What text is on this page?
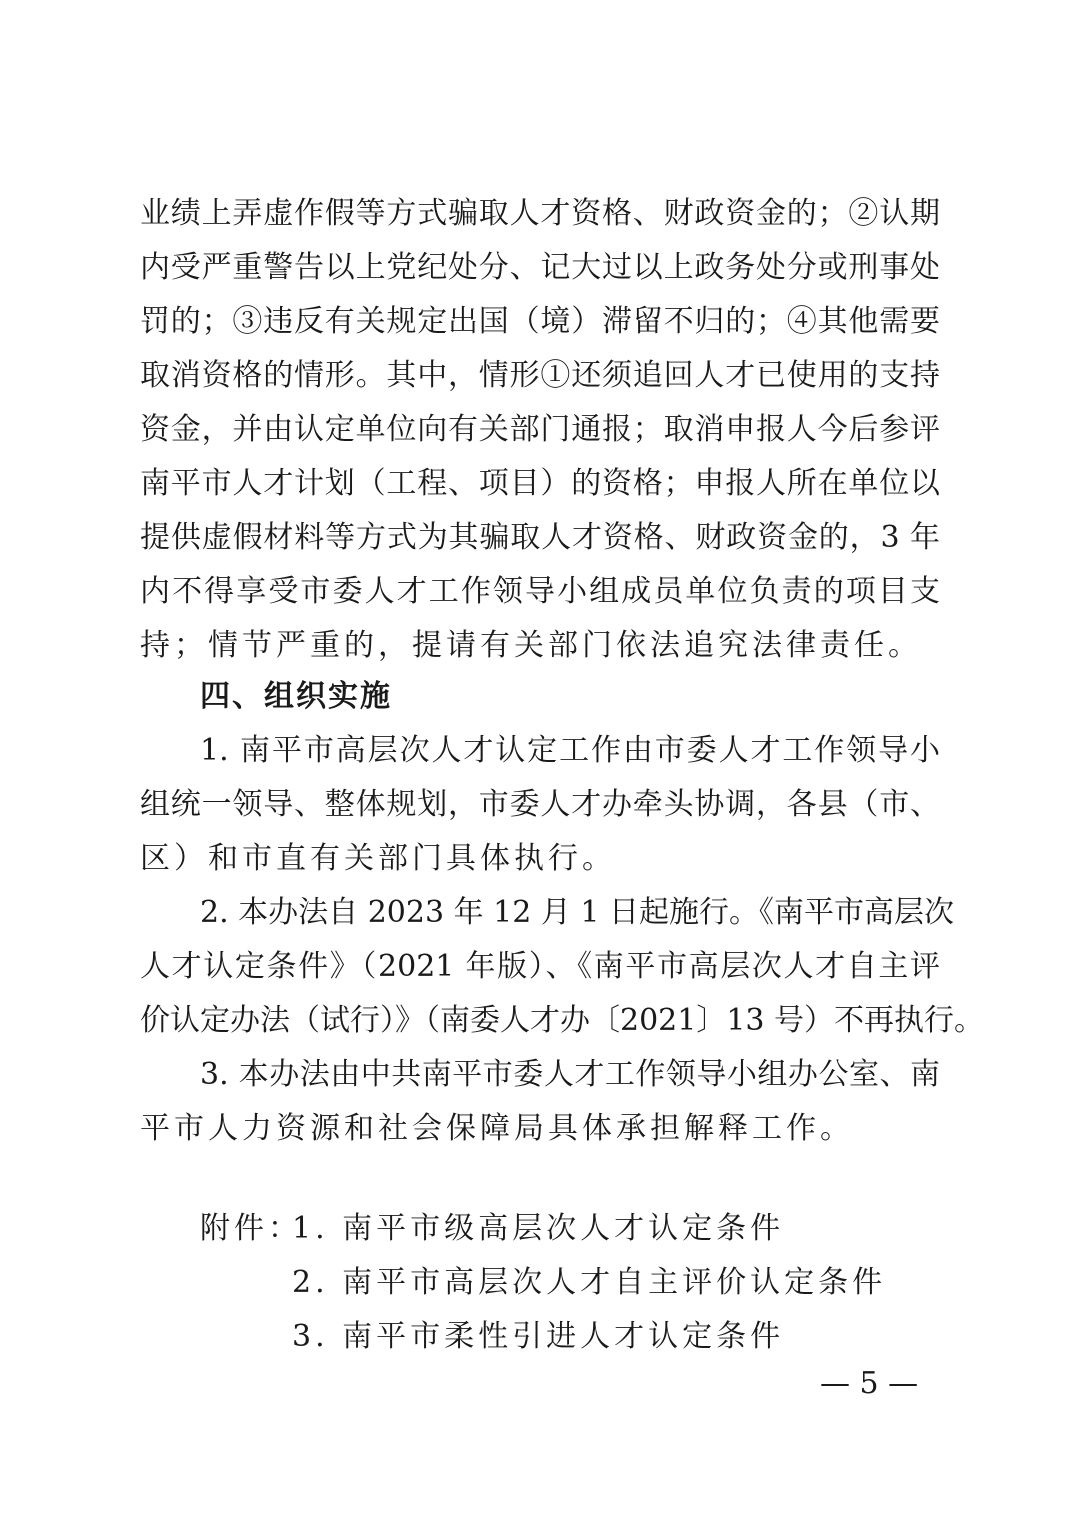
业绩上弄虚作假等方式骗取人才资格、财政资金的；②认期
内受严重警告以上党纪处分、记大过以上政务处分或刑事处
罚的；③违反有关规定出国（境）滞留不归的；④其他需要
取消资格的情形。其中，情形①还须追回人才已使用的支持
资金，并由认定单位向有关部门通报；取消申报人今后参评
南平市人才计划（工程、项目）的资格；申报人所在单位以
提供虚假材料等方式为其骗取人才资格、财政资金的，3 年
内不得享受市委人才工作领导小组成员单位负责的项目支
持；情节严重的，提请有关部门依法追究法律责任。
四、组织实施
1. 南平市高层次人才认定工作由市委人才工作领导小
组统一领导、整体规划，市委人才办牵头协调，各县（市、
区）和市直有关部门具体执行。
2. 本办法自 2023 年 12 月 1 日起施行。《南平市高层次
人才认定条件》（2021 年版）、《南平市高层次人才自主评
价认定办法（试行）》（南委人才办〔2021〕13 号）不再执行。
3. 本办法由中共南平市委人才工作领导小组办公室、南
平市人力资源和社会保障局具体承担解释工作。
附件：
1. 南平市级高层次人才认定条件
2. 南平市高层次人才自主评价认定条件
3. 南平市柔性引进人才认定条件
— 5 —
